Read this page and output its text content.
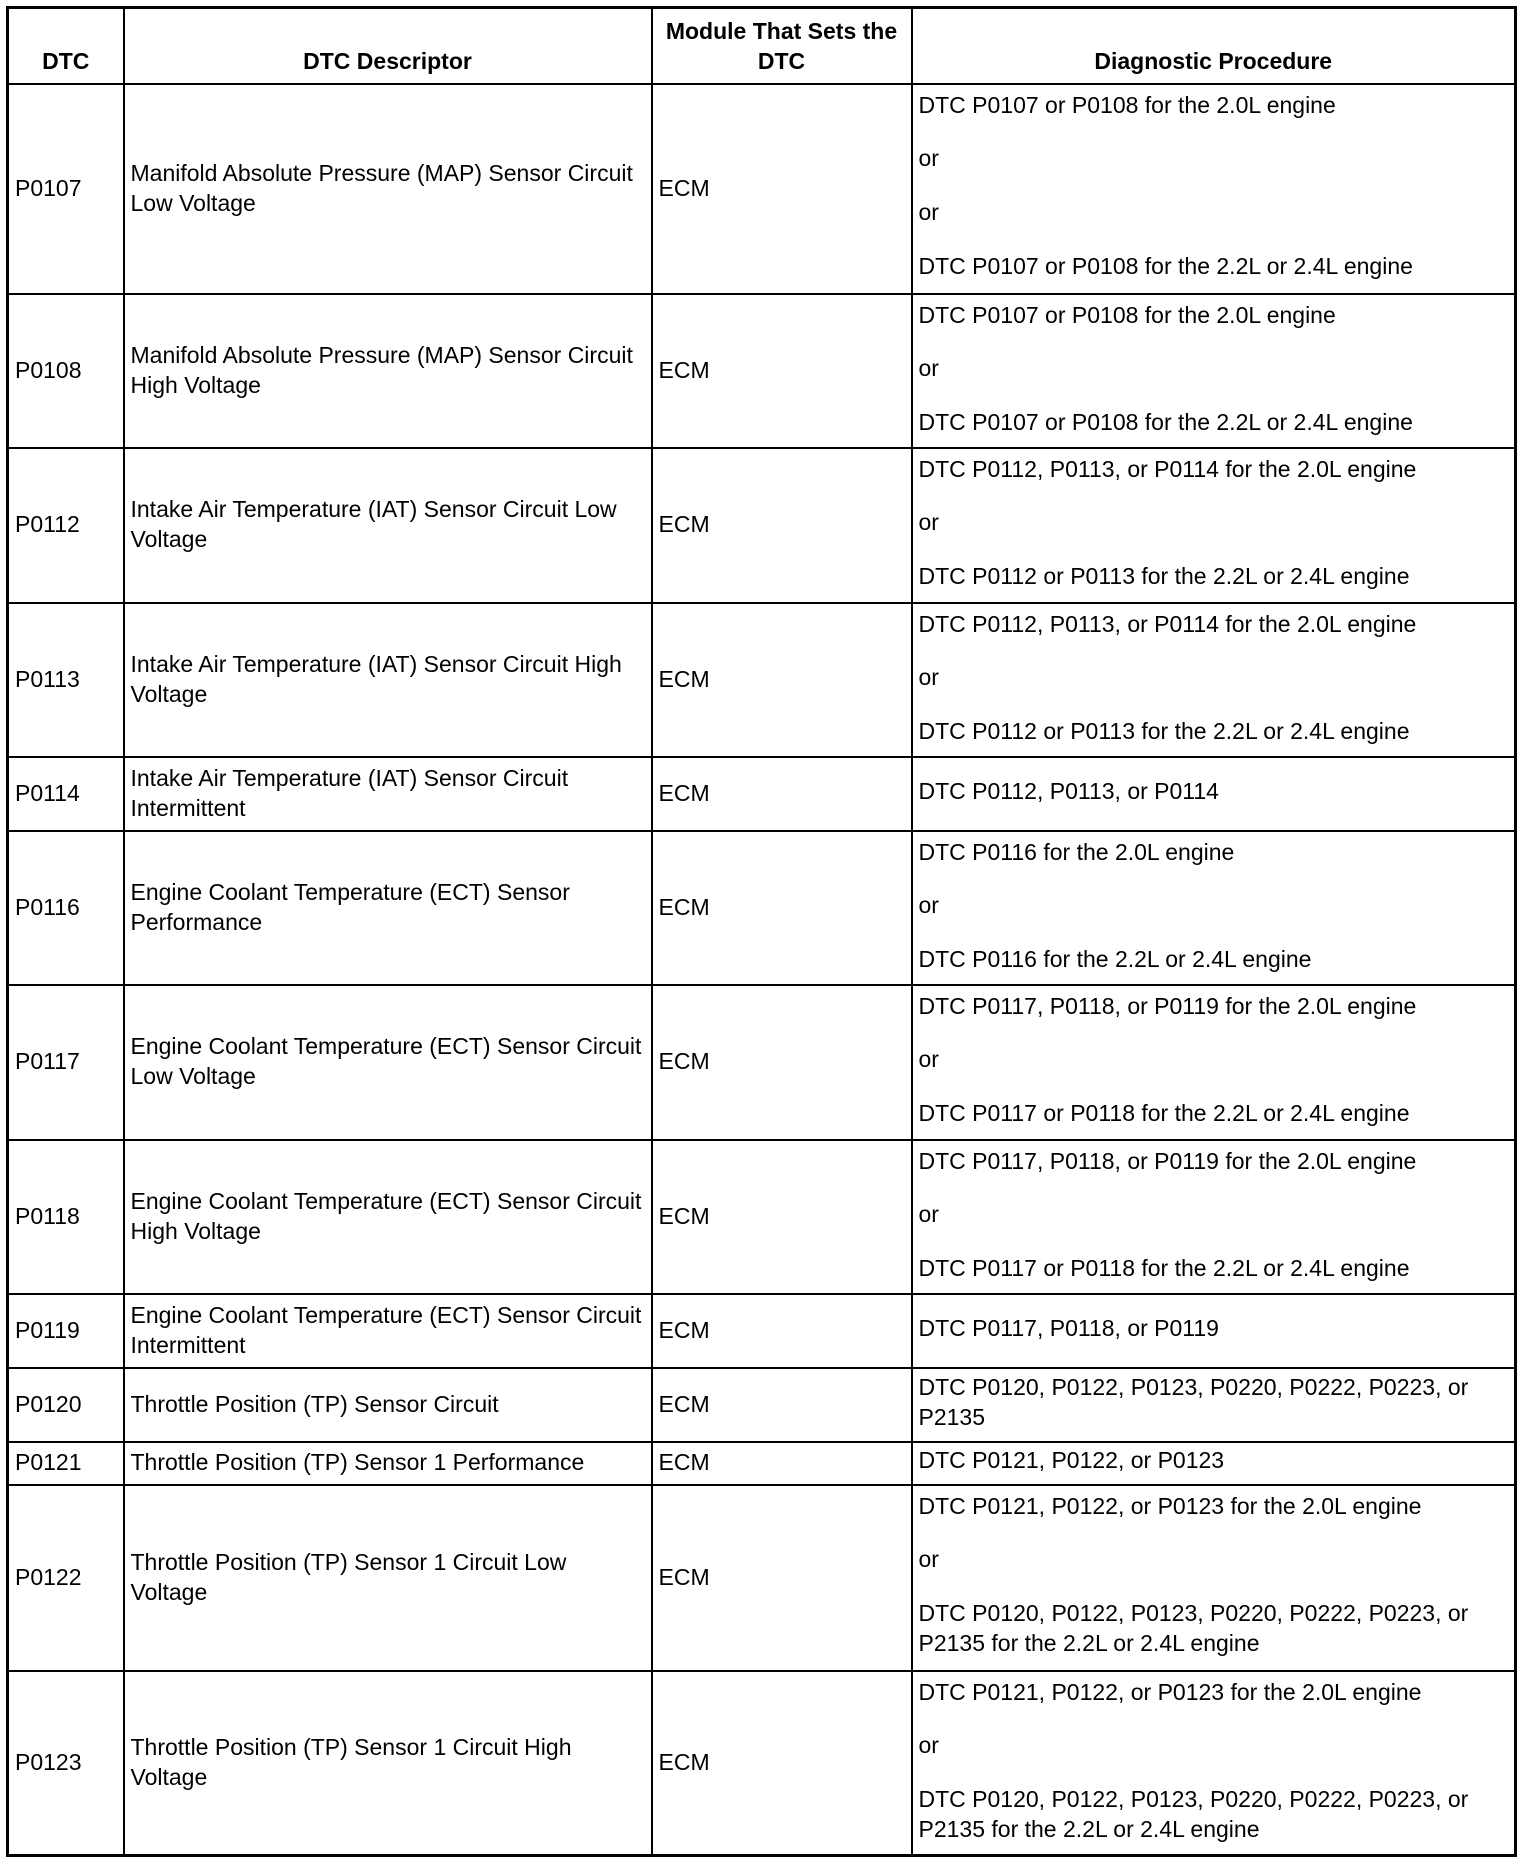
DTC	DTC Descriptor	Module That Sets the DTC	Diagnostic Procedure
P0107	Manifold Absolute Pressure (MAP) Sensor Circuit Low Voltage	ECM	DTC P0107 or P0108 for the 2.0L engine
or
or
DTC P0107 or P0108 for the 2.2L or 2.4L engine

P0108	Manifold Absolute Pressure (MAP) Sensor Circuit High Voltage	ECM	DTC P0107 or P0108 for the 2.0L engine
or
DTC P0107 or P0108 for the 2.2L or 2.4L engine

P0112	Intake Air Temperature (IAT) Sensor Circuit Low Voltage	ECM	DTC P0112, P0113, or P0114 for the 2.0L engine
or
DTC P0112 or P0113 for the 2.2L or 2.4L engine

P0113	Intake Air Temperature (IAT) Sensor Circuit High Voltage	ECM	DTC P0112, P0113, or P0114 for the 2.0L engine
or
DTC P0112 or P0113 for the 2.2L or 2.4L engine

P0114	Intake Air Temperature (IAT) Sensor Circuit Intermittent	ECM	DTC P0112, P0113, or P0114

P0116	Engine Coolant Temperature (ECT) Sensor Performance	ECM	DTC P0116 for the 2.0L engine
or
DTC P0116 for the 2.2L or 2.4L engine

P0117	Engine Coolant Temperature (ECT) Sensor Circuit Low Voltage	ECM	DTC P0117, P0118, or P0119 for the 2.0L engine
or
DTC P0117 or P0118 for the 2.2L or 2.4L engine

P0118	Engine Coolant Temperature (ECT) Sensor Circuit High Voltage	ECM	DTC P0117, P0118, or P0119 for the 2.0L engine
or
DTC P0117 or P0118 for the 2.2L or 2.4L engine

P0119	Engine Coolant Temperature (ECT) Sensor Circuit Intermittent	ECM	DTC P0117, P0118, or P0119

P0120	Throttle Position (TP) Sensor Circuit	ECM	DTC P0120, P0122, P0123, P0220, P0222, P0223, or P2135

P0121	Throttle Position (TP) Sensor 1 Performance	ECM	DTC P0121, P0122, or P0123

P0122	Throttle Position (TP) Sensor 1 Circuit Low Voltage	ECM	DTC P0121, P0122, or P0123 for the 2.0L engine
or
DTC P0120, P0122, P0123, P0220, P0222, P0223, or P2135 for the 2.2L or 2.4L engine

P0123	Throttle Position (TP) Sensor 1 Circuit High Voltage	ECM	DTC P0121, P0122, or P0123 for the 2.0L engine
or
DTC P0120, P0122, P0123, P0220, P0222, P0223, or P2135 for the 2.2L or 2.4L engine
